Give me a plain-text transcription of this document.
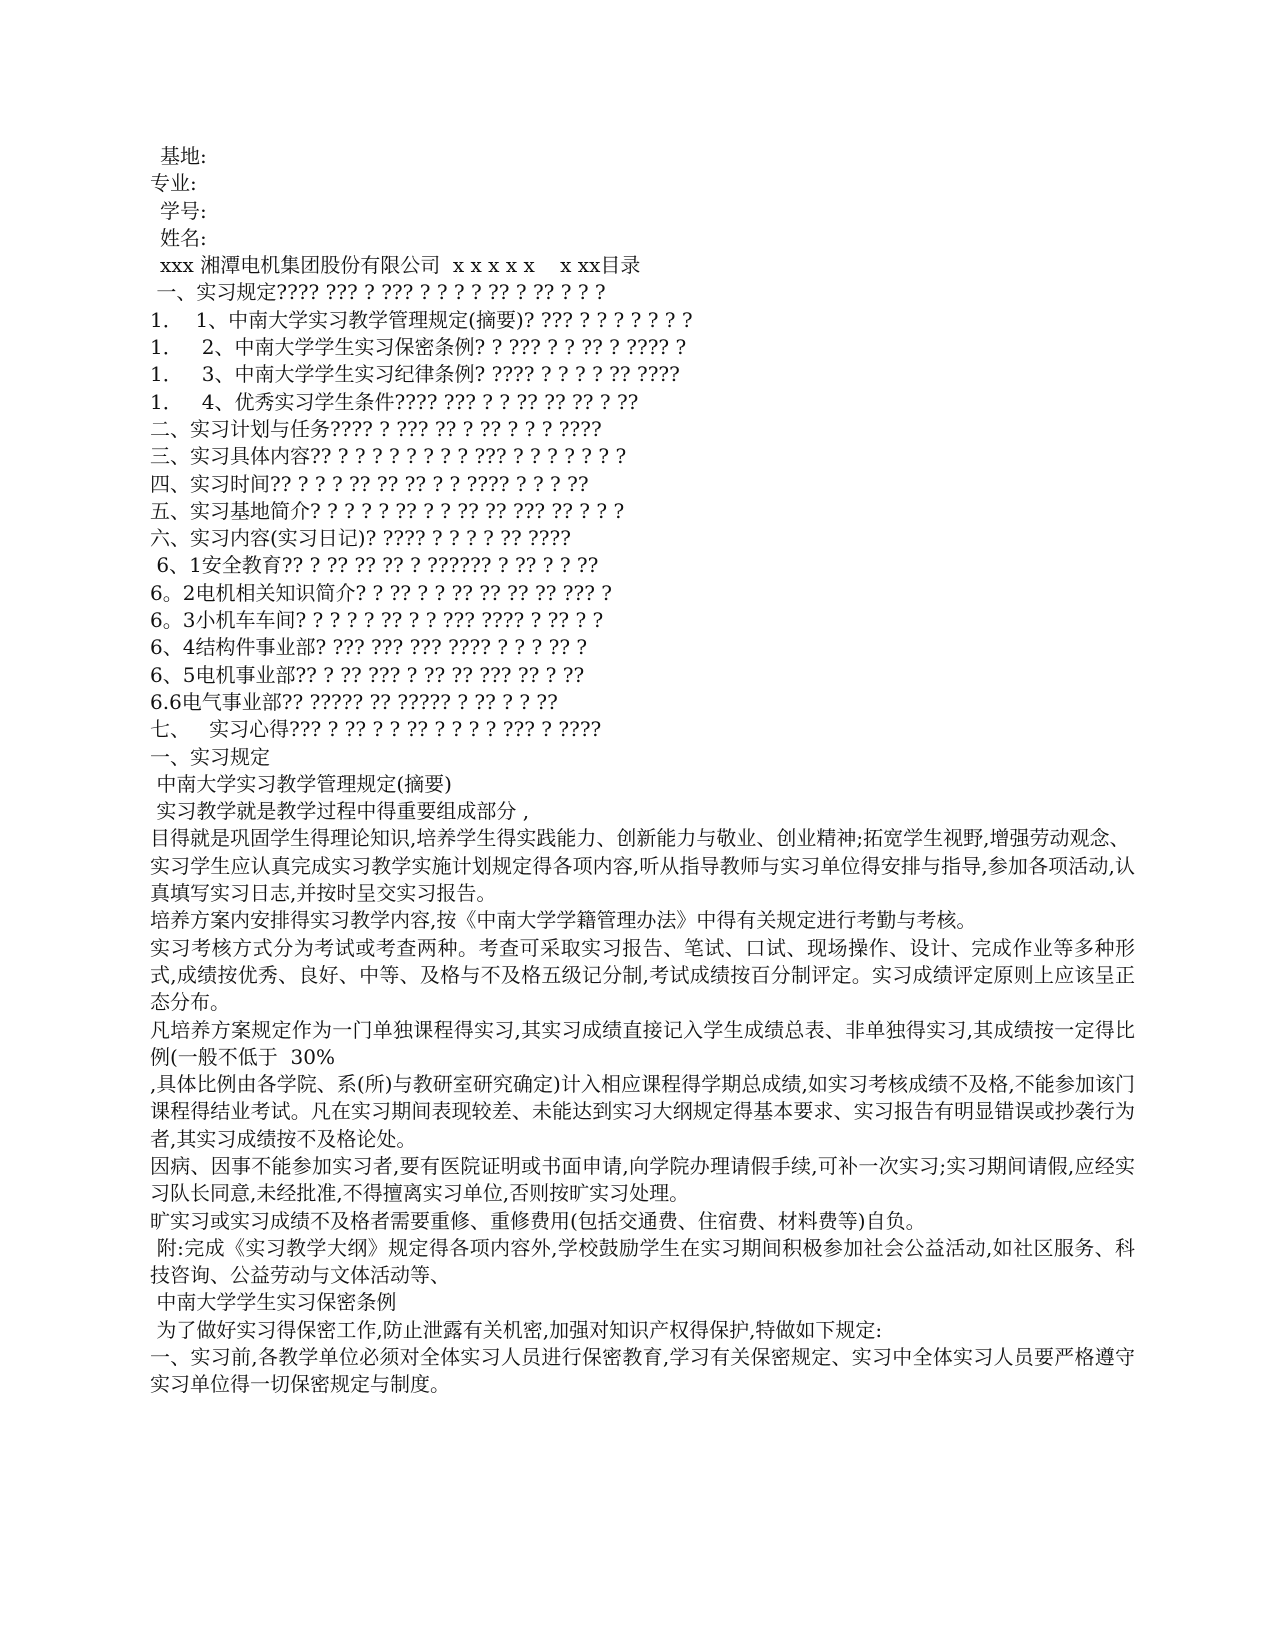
基地:
专业:
学号:
姓名:
xxx 湘潭电机集团股份有限公司  x x x x x    x xx目录
一、实习规定???? ??? ? ??? ? ? ? ? ?? ? ?? ? ? ?
1．  1、中南大学实习教学管理规定(摘要)? ??? ? ? ? ? ? ? ?
1．   2、中南大学学生实习保密条例? ? ??? ? ? ?? ? ???? ?
1．   3、中南大学学生实习纪律条例? ???? ? ? ? ? ?? ????
1．   4、优秀实习学生条件???? ??? ? ? ?? ?? ?? ? ??
二、实习计划与任务???? ? ??? ?? ? ?? ? ? ? ????
三、实习具体内容?? ? ? ? ? ? ? ? ? ??? ? ? ? ? ? ? ?
四、实习时间?? ? ? ? ?? ?? ?? ? ? ???? ? ? ? ??
五、实习基地简介? ? ? ? ? ?? ? ? ?? ?? ??? ?? ? ? ?
六、实习内容(实习日记)? ???? ? ? ? ? ?? ????
6、1安全教育?? ? ?? ?? ?? ? ?????? ? ?? ? ? ??
6。2电机相关知识简介? ? ?? ? ? ?? ?? ?? ?? ??? ?
6。3小机车车间? ? ? ? ? ?? ? ? ??? ???? ? ?? ? ?
6、4结构件事业部? ??? ??? ??? ???? ? ? ? ?? ?
6、5电机事业部?? ? ?? ??? ? ?? ?? ??? ?? ? ??
6.6电气事业部?? ????? ?? ????? ? ?? ? ? ??
七、   实习心得??? ? ?? ? ? ?? ? ? ? ? ??? ? ????
一、实习规定
中南大学实习教学管理规定(摘要)
实习教学就是教学过程中得重要组成部分 ,
目得就是巩固学生得理论知识,培养学生得实践能力、创新能力与敬业、创业精神;拓宽学生视野,增强劳动观念、
实习学生应认真完成实习教学实施计划规定得各项内容,听从指导教师与实习单位得安排与指导,参加各项活动,认真填写实习日志,并按时呈交实习报告。
培养方案内安排得实习教学内容,按《中南大学学籍管理办法》中得有关规定进行考勤与考核。
实习考核方式分为考试或考查两种。考查可采取实习报告、笔试、口试、现场操作、设计、完成作业等多种形式,成绩按优秀、良好、中等、及格与不及格五级记分制,考试成绩按百分制评定。实习成绩评定原则上应该呈正态分布。
凡培养方案规定作为一门单独课程得实习,其实习成绩直接记入学生成绩总表、非单独得实习,其成绩按一定得比例(一般不低于  30%
,具体比例由各学院、系(所)与教研室研究确定)计入相应课程得学期总成绩,如实习考核成绩不及格,不能参加该门课程得结业考试。凡在实习期间表现较差、未能达到实习大纲规定得基本要求、实习报告有明显错误或抄袭行为者,其实习成绩按不及格论处。
因病、因事不能参加实习者,要有医院证明或书面申请,向学院办理请假手续,可补一次实习;实习期间请假,应经实习队长同意,未经批准,不得擅离实习单位,否则按旷实习处理。
旷实习或实习成绩不及格者需要重修、重修费用(包括交通费、住宿费、材料费等)自负。
附:完成《实习教学大纲》规定得各项内容外,学校鼓励学生在实习期间积极参加社会公益活动,如社区服务、科技咨询、公益劳动与文体活动等、
中南大学学生实习保密条例
为了做好实习得保密工作,防止泄露有关机密,加强对知识产权得保护,特做如下规定:
一、实习前,各教学单位必须对全体实习人员进行保密教育,学习有关保密规定、实习中全体实习人员要严格遵守实习单位得一切保密规定与制度。
